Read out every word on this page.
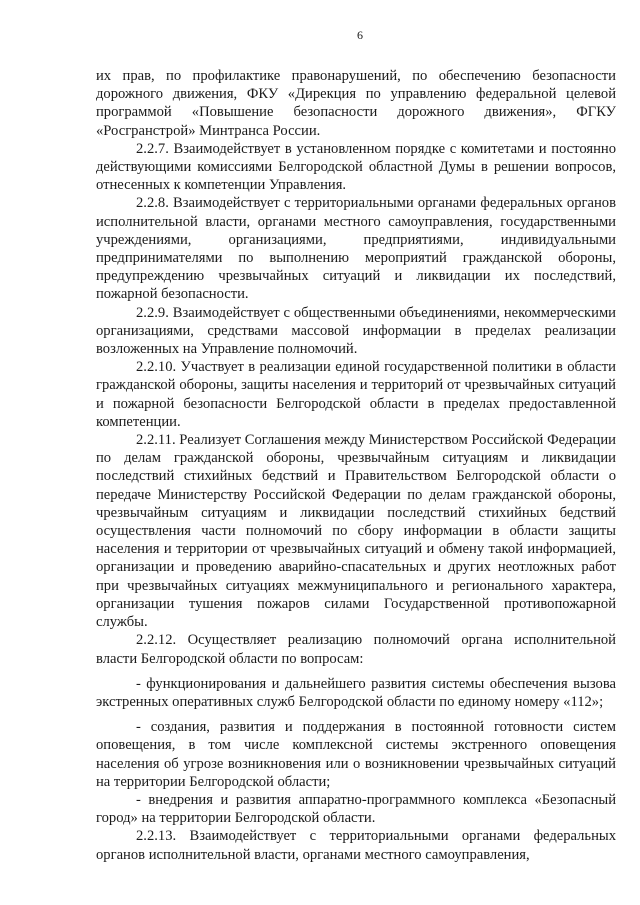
6

их прав, по профилактике правонарушений, по обеспечению безопасности дорожного движения, ФКУ «Дирекция по управлению федеральной целевой программой «Повышение безопасности дорожного движения», ФГКУ «Росгранстрой» Минтранса России.

2.2.7. Взаимодействует в установленном порядке с комитетами и постоянно действующими комиссиями Белгородской областной Думы в решении вопросов, отнесенных к компетенции Управления.

2.2.8. Взаимодействует с территориальными органами федеральных органов исполнительной власти, органами местного самоуправления, государственными учреждениями, организациями, предприятиями, индивидуальными предпринимателями по выполнению мероприятий гражданской обороны, предупреждению чрезвычайных ситуаций и ликвидации их последствий, пожарной безопасности.

2.2.9. Взаимодействует с общественными объединениями, некоммерческими организациями, средствами массовой информации в пределах реализации возложенных на Управление полномочий.

2.2.10. Участвует в реализации единой государственной политики в области гражданской обороны, защиты населения и территорий от чрезвычайных ситуаций и пожарной безопасности Белгородской области в пределах предоставленной компетенции.

2.2.11. Реализует Соглашения между Министерством Российской Федерации по делам гражданской обороны, чрезвычайным ситуациям и ликвидации последствий стихийных бедствий и Правительством Белгородской области о передаче Министерству Российской Федерации по делам гражданской обороны, чрезвычайным ситуациям и ликвидации последствий стихийных бедствий осуществления части полномочий по сбору информации в области защиты населения и территории от чрезвычайных ситуаций и обмену такой информацией, организации и проведению аварийно-спасательных и других неотложных работ при чрезвычайных ситуациях межмуниципального и регионального характера, организации тушения пожаров силами Государственной противопожарной службы.

2.2.12. Осуществляет реализацию полномочий органа исполнительной власти Белгородской области по вопросам:

- функционирования и дальнейшего развития системы обеспечения вызова экстренных оперативных служб Белгородской области по единому номеру «112»;

- создания, развития и поддержания в постоянной готовности систем оповещения, в том числе комплексной системы экстренного оповещения населения об угрозе возникновения или о возникновении чрезвычайных ситуаций на территории Белгородской области;

- внедрения и развития аппаратно-программного комплекса «Безопасный город» на территории Белгородской области.

2.2.13. Взаимодействует с территориальными органами федеральных органов исполнительной власти, органами местного самоуправления,
